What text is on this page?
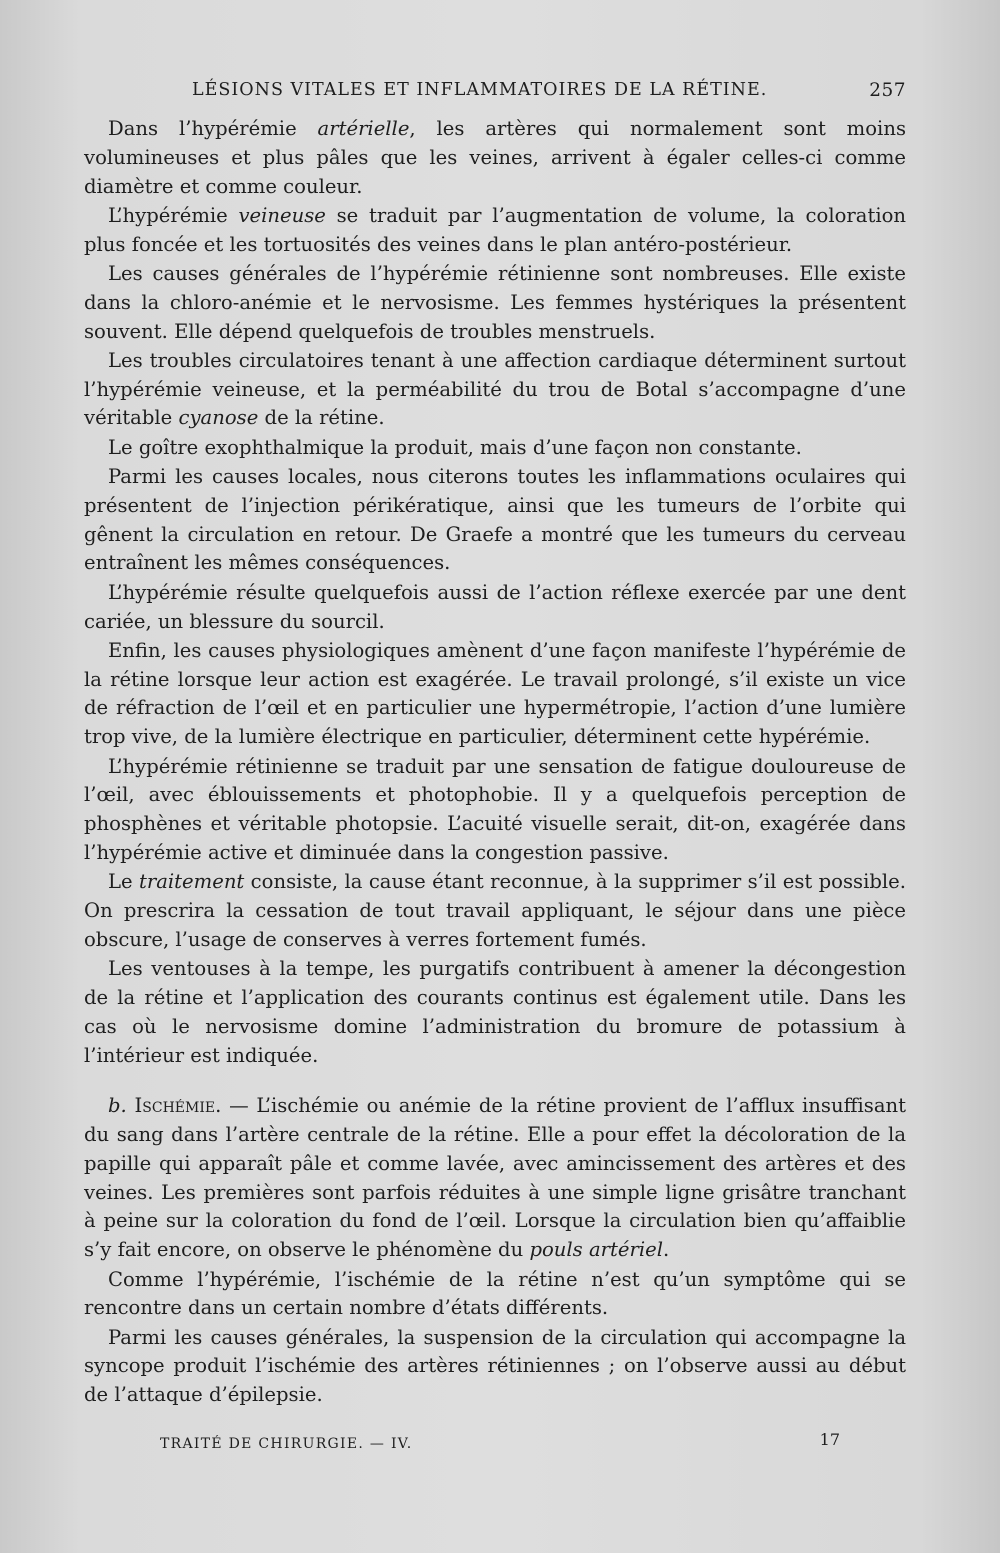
LÉSIONS VITALES ET INFLAMMATOIRES DE LA RÉTINE.	257

Dans l’hypérémie artérielle, les artères qui normalement sont moins volumineuses et plus pâles que les veines, arrivent à égaler celles-ci comme diamètre et comme couleur.

L’hypérémie veineuse se traduit par l’augmentation de volume, la coloration plus foncée et les tortuosités des veines dans le plan antéro-postérieur.

Les causes générales de l’hypérémie rétinienne sont nombreuses. Elle existe dans la chloro-anémie et le nervosisme. Les femmes hystériques la présentent souvent. Elle dépend quelquefois de troubles menstruels.

Les troubles circulatoires tenant à une affection cardiaque déterminent surtout l’hypérémie veineuse, et la perméabilité du trou de Botal s’accompagne d’une véritable cyanose de la rétine.

Le goître exophthalmique la produit, mais d’une façon non constante.

Parmi les causes locales, nous citerons toutes les inflammations oculaires qui présentent de l’injection périkératique, ainsi que les tumeurs de l’orbite qui gênent la circulation en retour. De Graefe a montré que les tumeurs du cerveau entraînent les mêmes conséquences.

L’hypérémie résulte quelquefois aussi de l’action réflexe exercée par une dent cariée, un blessure du sourcil.

Enfin, les causes physiologiques amènent d’une façon manifeste l’hypérémie de la rétine lorsque leur action est exagérée. Le travail prolongé, s’il existe un vice de réfraction de l’œil et en particulier une hypermétropie, l’action d’une lumière trop vive, de la lumière électrique en particulier, déterminent cette hypérémie.

L’hypérémie rétinienne se traduit par une sensation de fatigue douloureuse de l’œil, avec éblouissements et photophobie. Il y a quelquefois perception de phosphènes et véritable photopsie. L’acuité visuelle serait, dit-on, exagérée dans l’hypérémie active et diminuée dans la congestion passive.

Le traitement consiste, la cause étant reconnue, à la supprimer s’il est possible. On prescrira la cessation de tout travail appliquant, le séjour dans une pièce obscure, l’usage de conserves à verres fortement fumés.

Les ventouses à la tempe, les purgatifs contribuent à amener la décongestion de la rétine et l’application des courants continus est également utile. Dans les cas où le nervosisme domine l’administration du bromure de potassium à l’intérieur est indiquée.

b. Ischémie. — L’ischémie ou anémie de la rétine provient de l’afflux insuffisant du sang dans l’artère centrale de la rétine. Elle a pour effet la décoloration de la papille qui apparaît pâle et comme lavée, avec amincissement des artères et des veines. Les premières sont parfois réduites à une simple ligne grisâtre tranchant à peine sur la coloration du fond de l’œil. Lorsque la circulation bien qu’affaiblie s’y fait encore, on observe le phénomène du pouls artériel.

Comme l’hypérémie, l’ischémie de la rétine n’est qu’un symptôme qui se rencontre dans un certain nombre d’états différents.

Parmi les causes générales, la suspension de la circulation qui accompagne la syncope produit l’ischémie des artères rétiniennes ; on l’observe aussi au début de l’attaque d’épilepsie.

TRAITÉ DE CHIRURGIE. — IV.	17
